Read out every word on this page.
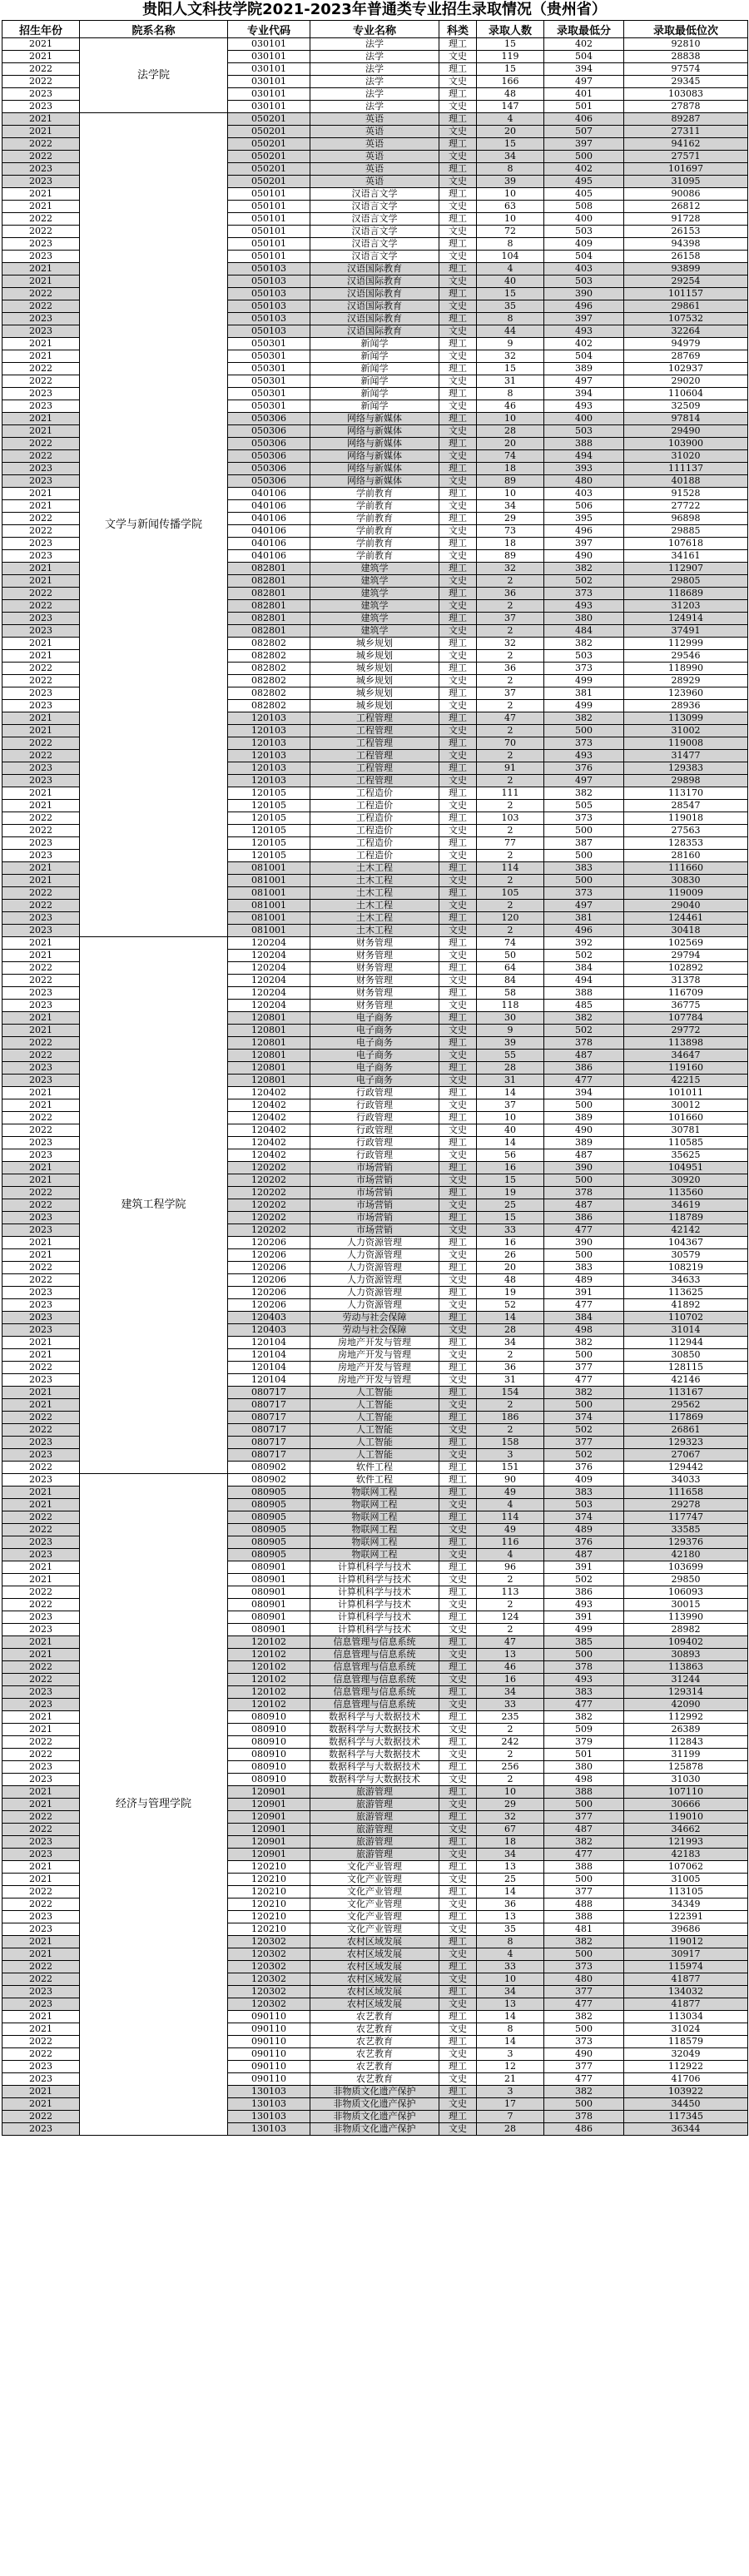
贵阳人文科技学院2021-2023年普通类专业招生录取情况（贵州省）
招生年份	院系名称	专业代码	专业名称	科类	录取人数	录取最低分	录取最低位次
2021	法学院	030101	法学	理工	15	402	92810
2021		030101	法学	文史	119	504	28838
2022		030101	法学	理工	15	394	97574
2022		030101	法学	文史	166	497	29345
2023		030101	法学	理工	48	401	103083
2023		030101	法学	文史	147	501	27878
2021	文学与新闻传播学院	050201	英语	理工	4	406	89287
2021		050201	英语	文史	20	507	27311
2022		050201	英语	理工	15	397	94162
2022		050201	英语	文史	34	500	27571
2023		050201	英语	理工	8	402	101697
2023		050201	英语	文史	39	495	31095
2021		050101	汉语言文学	理工	10	405	90086
2021		050101	汉语言文学	文史	63	508	26812
2022		050101	汉语言文学	理工	10	400	91728
2022		050101	汉语言文学	文史	72	503	26153
2023		050101	汉语言文学	理工	8	409	94398
2023		050101	汉语言文学	文史	104	504	26158
2021		050103	汉语国际教育	理工	4	403	93899
2021		050103	汉语国际教育	文史	40	503	29254
2022		050103	汉语国际教育	理工	15	390	101157
2022		050103	汉语国际教育	文史	35	496	29861
2023		050103	汉语国际教育	理工	8	397	107532
2023		050103	汉语国际教育	文史	44	493	32264
2021		050301	新闻学	理工	9	402	94979
2021		050301	新闻学	文史	32	504	28769
2022		050301	新闻学	理工	15	389	102937
2022		050301	新闻学	文史	31	497	29020
2023		050301	新闻学	理工	8	394	110604
2023		050301	新闻学	文史	46	493	32509
2021		050306	网络与新媒体	理工	10	400	97814
2021		050306	网络与新媒体	文史	28	503	29490
2022		050306	网络与新媒体	理工	20	388	103900
2022		050306	网络与新媒体	文史	74	494	31020
2023		050306	网络与新媒体	理工	18	393	111137
2023		050306	网络与新媒体	文史	89	480	40188
2021		040106	学前教育	理工	10	403	91528
2021		040106	学前教育	文史	34	506	27722
2022		040106	学前教育	理工	29	395	96898
2022		040106	学前教育	文史	73	496	29885
2023		040106	学前教育	理工	18	397	107618
2023		040106	学前教育	文史	89	490	34161
2021		082801	建筑学	理工	32	382	112907
2021		082801	建筑学	文史	2	502	29805
2022		082801	建筑学	理工	36	373	118689
2022		082801	建筑学	文史	2	493	31203
2023		082801	建筑学	理工	37	380	124914
2023		082801	建筑学	文史	2	484	37491
2021		082802	城乡规划	理工	32	382	112999
2021		082802	城乡规划	文史	2	503	29546
2022		082802	城乡规划	理工	36	373	118990
2022		082802	城乡规划	文史	2	499	28929
2023		082802	城乡规划	理工	37	381	123960
2023		082802	城乡规划	文史	2	499	28936
2021		120103	工程管理	理工	47	382	113099
2021		120103	工程管理	文史	2	500	31002
2022		120103	工程管理	理工	70	373	119008
2022		120103	工程管理	文史	2	493	31477
2023		120103	工程管理	理工	91	376	129383
2023		120103	工程管理	文史	2	497	29898
2021		120105	工程造价	理工	111	382	113170
2021		120105	工程造价	文史	2	505	28547
2022		120105	工程造价	理工	103	373	119018
2022		120105	工程造价	文史	2	500	27563
2023		120105	工程造价	理工	77	387	128353
2023		120105	工程造价	文史	2	500	28160
2021		081001	土木工程	理工	114	383	111660
2021		081001	土木工程	文史	2	500	30830
2022		081001	土木工程	理工	105	373	119009
2022		081001	土木工程	文史	2	497	29040
2023		081001	土木工程	理工	120	381	124461
2023		081001	土木工程	文史	2	496	30418
2021	建筑工程学院	120204	财务管理	理工	74	392	102569
2021		120204	财务管理	文史	50	502	29794
2022		120204	财务管理	理工	64	384	102892
2022		120204	财务管理	文史	84	494	31378
2023		120204	财务管理	理工	58	388	116709
2023		120204	财务管理	文史	118	485	36775
2021		120801	电子商务	理工	30	382	107784
2021		120801	电子商务	文史	9	502	29772
2022		120801	电子商务	理工	39	378	113898
2022		120801	电子商务	文史	55	487	34647
2023		120801	电子商务	理工	28	386	119160
2023		120801	电子商务	文史	31	477	42215
2021		120402	行政管理	理工	14	394	101011
2021		120402	行政管理	文史	37	500	30012
2022		120402	行政管理	理工	10	389	101660
2022		120402	行政管理	文史	40	490	30781
2023		120402	行政管理	理工	14	389	110585
2023		120402	行政管理	文史	56	487	35625
2021		120202	市场营销	理工	16	390	104951
2021		120202	市场营销	文史	15	500	30920
2022		120202	市场营销	理工	19	378	113560
2022		120202	市场营销	文史	25	487	34619
2023		120202	市场营销	理工	15	386	118789
2023		120202	市场营销	文史	33	477	42142
2021		120206	人力资源管理	理工	16	390	104367
2021		120206	人力资源管理	文史	26	500	30579
2022		120206	人力资源管理	理工	20	383	108219
2022		120206	人力资源管理	文史	48	489	34633
2023		120206	人力资源管理	理工	19	391	113625
2023		120206	人力资源管理	文史	52	477	41892
2023		120403	劳动与社会保障	理工	14	384	110702
2023		120403	劳动与社会保障	文史	28	498	31014
2021		120104	房地产开发与管理	理工	34	382	112944
2021		120104	房地产开发与管理	文史	2	500	30850
2022		120104	房地产开发与管理	理工	36	377	128115
2023		120104	房地产开发与管理	文史	31	477	42146
2021		080717	人工智能	理工	154	382	113167
2021		080717	人工智能	文史	2	500	29562
2022		080717	人工智能	理工	186	374	117869
2022		080717	人工智能	文史	2	502	26861
2023		080717	人工智能	理工	158	377	129323
2023		080717	人工智能	文史	3	502	27067
2022		080902	软件工程	理工	151	376	129442
2023	经济与管理学院	080902	软件工程	理工	90	409	34033
2021		080905	物联网工程	理工	49	383	111658
2021		080905	物联网工程	文史	4	503	29278
2022		080905	物联网工程	理工	114	374	117747
2022		080905	物联网工程	文史	49	489	33585
2023		080905	物联网工程	理工	116	376	129376
2023		080905	物联网工程	文史	4	487	42180
2021		080901	计算机科学与技术	理工	96	391	103699
2021		080901	计算机科学与技术	文史	2	502	29850
2022		080901	计算机科学与技术	理工	113	386	106093
2022		080901	计算机科学与技术	文史	2	493	30015
2023		080901	计算机科学与技术	理工	124	391	113990
2023		080901	计算机科学与技术	文史	2	499	28982
2021		120102	信息管理与信息系统	理工	47	385	109402
2021		120102	信息管理与信息系统	文史	13	500	30893
2022		120102	信息管理与信息系统	理工	46	378	113863
2022		120102	信息管理与信息系统	文史	16	493	31244
2023		120102	信息管理与信息系统	理工	34	383	129314
2023		120102	信息管理与信息系统	文史	33	477	42090
2021		080910	数据科学与大数据技术	理工	235	382	112992
2021		080910	数据科学与大数据技术	文史	2	509	26389
2022		080910	数据科学与大数据技术	理工	242	379	112843
2022		080910	数据科学与大数据技术	文史	2	501	31199
2023		080910	数据科学与大数据技术	理工	256	380	125878
2023		080910	数据科学与大数据技术	文史	2	498	31030
2021		120901	旅游管理	理工	10	388	107110
2021		120901	旅游管理	文史	29	500	30666
2022		120901	旅游管理	理工	32	377	119010
2022		120901	旅游管理	文史	67	487	34662
2023		120901	旅游管理	理工	18	382	121993
2023		120901	旅游管理	文史	34	477	42183
2021		120210	文化产业管理	理工	13	388	107062
2021		120210	文化产业管理	文史	25	500	31005
2022		120210	文化产业管理	理工	14	377	113105
2022		120210	文化产业管理	文史	36	488	34349
2023		120210	文化产业管理	理工	13	388	122391
2023		120210	文化产业管理	文史	35	481	39686
2021		120302	农村区域发展	理工	8	382	119012
2021		120302	农村区域发展	文史	4	500	30917
2022		120302	农村区域发展	理工	33	373	115974
2022		120302	农村区域发展	文史	10	480	41877
2023		120302	农村区域发展	理工	34	377	134032
2023		120302	农村区域发展	文史	13	477	41877
2021		090110	农艺教育	理工	14	382	113034
2021		090110	农艺教育	文史	8	500	31024
2022		090110	农艺教育	理工	14	373	118579
2022		090110	农艺教育	文史	3	490	32049
2023		090110	农艺教育	理工	12	377	112922
2023		090110	农艺教育	文史	21	477	41706
2021		130103	非物质文化遗产保护	理工	3	382	103922
2021		130103	非物质文化遗产保护	文史	17	500	34450
2022		130103	非物质文化遗产保护	理工	7	378	117345
2023		130103	非物质文化遗产保护	文史	28	486	36344
